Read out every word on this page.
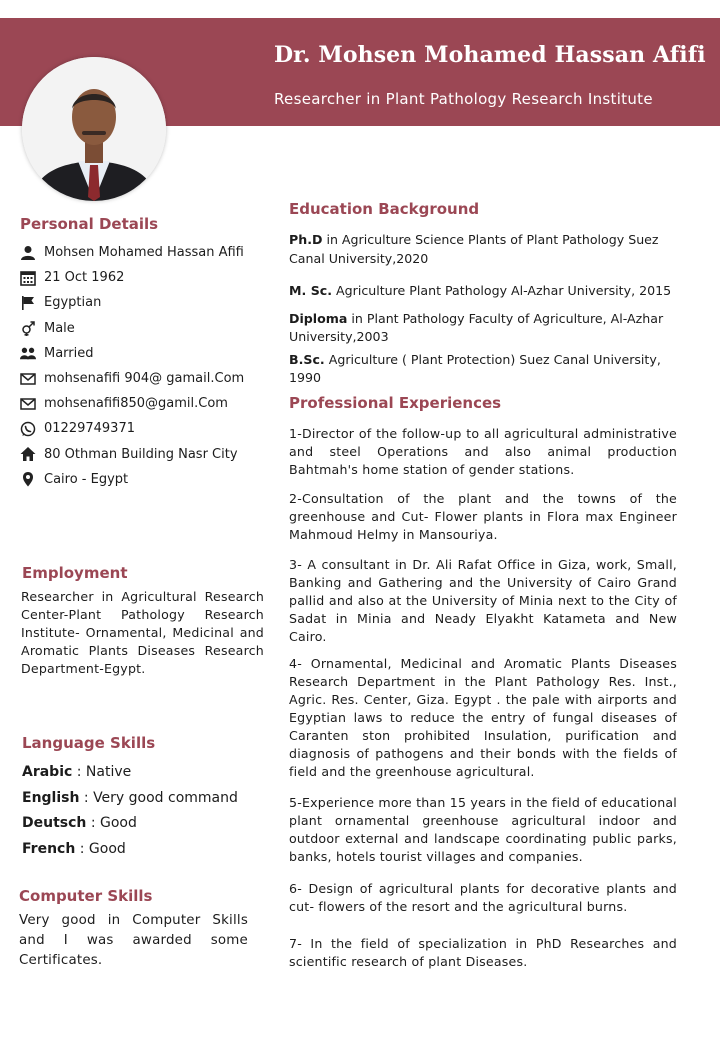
Dr. Mohsen Mohamed Hassan Afifi
Researcher in Plant Pathology Research Institute
Personal Details
Mohsen Mohamed Hassan Afifi
21 Oct 1962
Egyptian
Male
Married
mohsenafifi 904@ gamail.Com
mohsenafifi850@gamil.Com
01229749371
80 Othman Building Nasr City
Cairo - Egypt
Employment
Researcher in Agricultural Research Center-Plant Pathology Research Institute- Ornamental, Medicinal and Aromatic Plants Diseases Research Department-Egypt.
Language Skills
Arabic : Native
English : Very good command
Deutsch : Good
French : Good
Computer Skills
Very good in Computer Skills and I was awarded some Certificates.
Education Background
Ph.D in Agriculture Science Plants of Plant Pathology Suez Canal University,2020
M. Sc. Agriculture Plant Pathology Al-Azhar University, 2015
Diploma in Plant Pathology Faculty of Agriculture, Al-Azhar University,2003
B.Sc. Agriculture ( Plant Protection) Suez Canal University, 1990
Professional Experiences
1-Director of the follow-up to all agricultural administrative and steel Operations and also animal production Bahtmah's home station of gender stations.
2-Consultation of the plant and the towns of the greenhouse and Cut- Flower plants in Flora max Engineer Mahmoud Helmy in Mansouriya.
3- A consultant in Dr. Ali Rafat Office in Giza, work, Small, Banking and Gathering and the University of Cairo Grand pallid and also at the University of Minia next to the City of Sadat in Minia and Neady Elyakht Katameta and New Cairo.
4- Ornamental, Medicinal and Aromatic Plants Diseases Research Department in the Plant Pathology Res. Inst., Agric. Res. Center, Giza. Egypt . the pale with airports and Egyptian laws to reduce the entry of fungal diseases of Caranten ston prohibited Insulation, purification and diagnosis of pathogens and their bonds with the fields of field and the greenhouse agricultural.
5-Experience more than 15 years in the field of educational plant ornamental greenhouse agricultural indoor and outdoor external and landscape coordinating public parks, banks, hotels tourist villages and companies.
6- Design of agricultural plants for decorative plants and cut- flowers of the resort and the agricultural burns.
7- In the field of specialization in PhD Researches and scientific research of plant Diseases.
